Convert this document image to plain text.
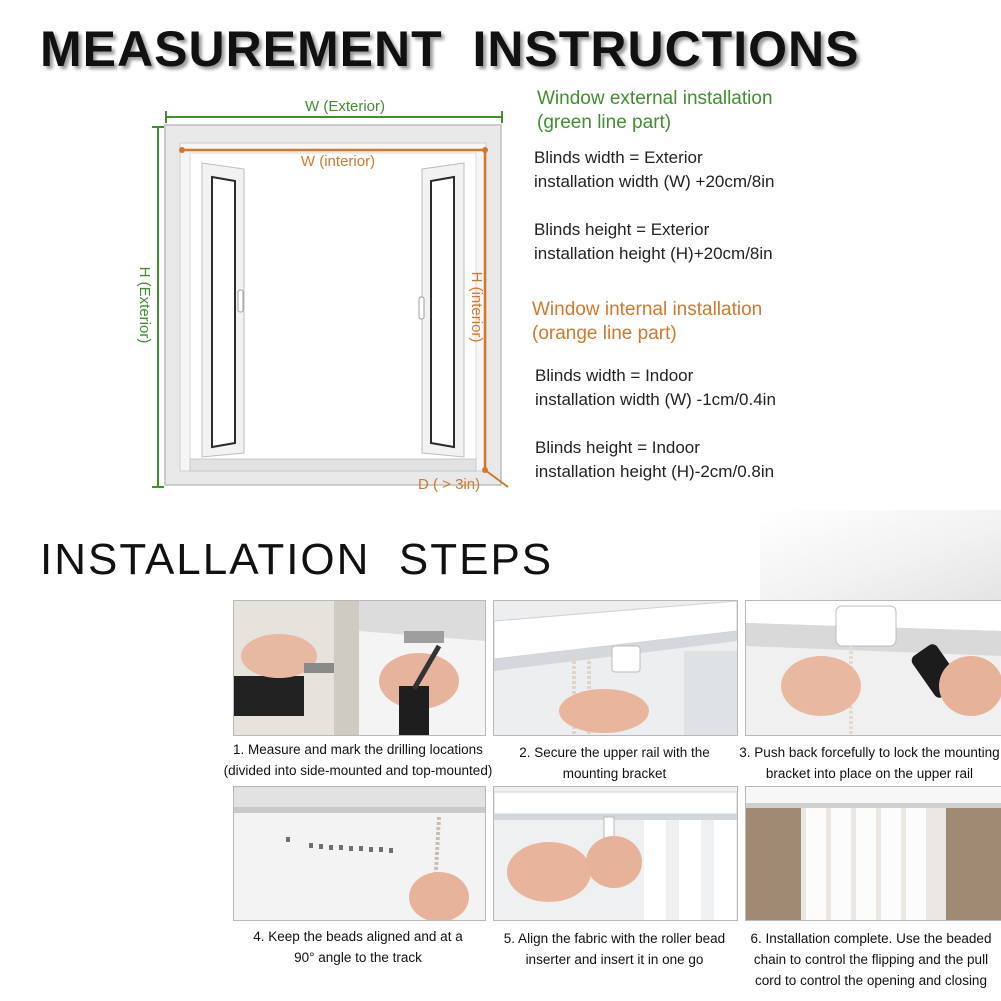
MEASUREMENT  INSTRUCTIONS
INSTALLATION  STEPS
W (Exterior)
W (interior)
H (Exterior)	H (interior)
D ( > 3in)
Window external installation
(green line part)
Blinds width = Exterior
installation width (W) +20cm/8in
Blinds height = Exterior
installation height (H)+20cm/8in
Window internal installation
(orange line part)
Blinds width = Indoor
installation width (W) -1cm/0.4in
Blinds height = Indoor
installation height (H)-2cm/0.8in
1. Measure and mark the drilling locations
(divided into side-mounted and top-mounted)
2. Secure the upper rail with the
mounting bracket
3. Push back forcefully to lock the mounting
bracket into place on the upper rail
4. Keep the beads aligned and at a
90° angle to the track
5. Align the fabric with the roller bead
inserter and insert it in one go
6. Installation complete. Use the beaded
chain to control the flipping and the pull
cord to control the opening and closing
